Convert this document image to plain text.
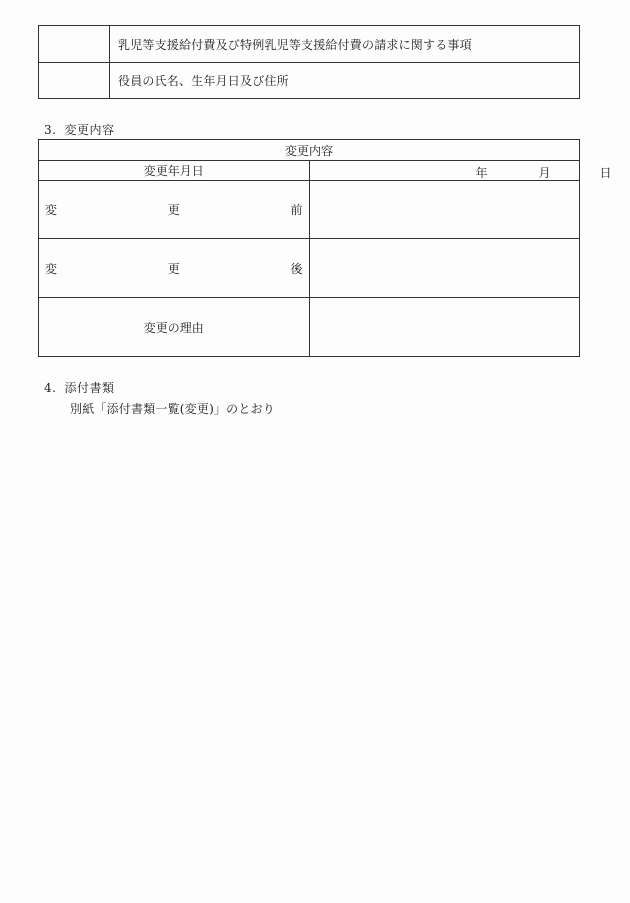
	乳児等支援給付費及び特例乳児等支援給付費の請求に関する事項
	役員の氏名、生年月日及び住所
3. 変更内容
変更内容	
変更年月日	年 月 日

変 更 前	

変 更 後	

変更の理由	
4. 添付書類
別紙「添付書類一覧(変更)」のとおり
